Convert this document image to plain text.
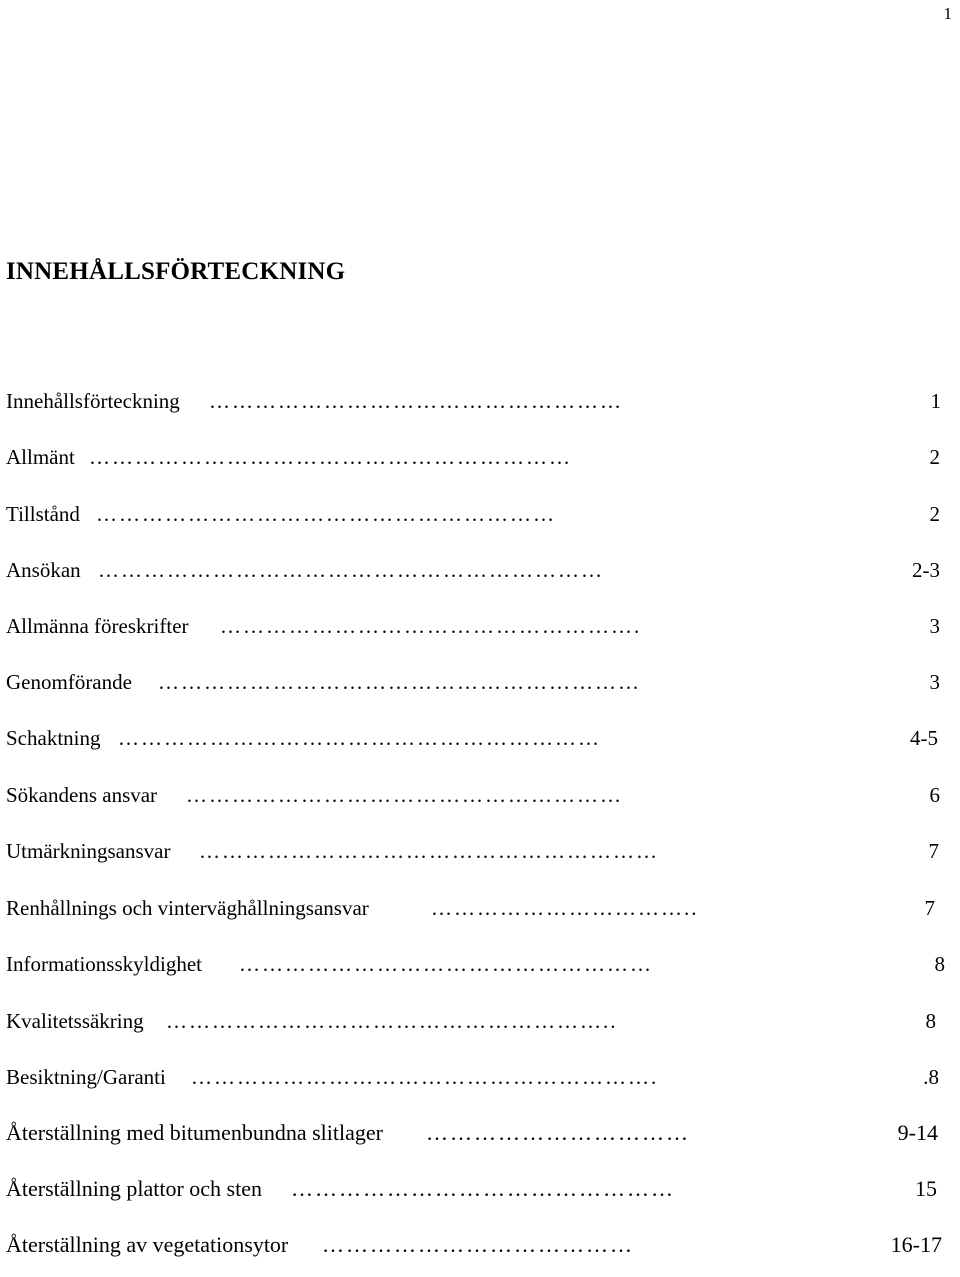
1
INNEHÅLLSFÖRTECKNING
Innehållsförteckning ………………………………………………	1
Allmänt ………………………………………………………	2
Tillstånd ……………………………………………………	2
Ansökan …………………………………………………………	2-3
Allmänna föreskrifter ……………………………………………….	3
Genomförande ………………………………………………………	3
Schaktning ………………………………………………………	4-5
Sökandens ansvar …………………………………………………	6
Utmärkningsansvar ……………………………………………………	7
Renhållnings och vinterväghållningsansvar	……………………………..	7
Informationsskyldighet ………………………………………………	8
Kvalitetssäkring …………………………………………………..	8
Besiktning/Garanti …………………………………………………….	.8
Återställning med bitumenbundna slitlager ……………………………	9-14
Återställning plattor och sten …………………………………………	15
Återställning av vegetationsytor …………………………………	16-17
